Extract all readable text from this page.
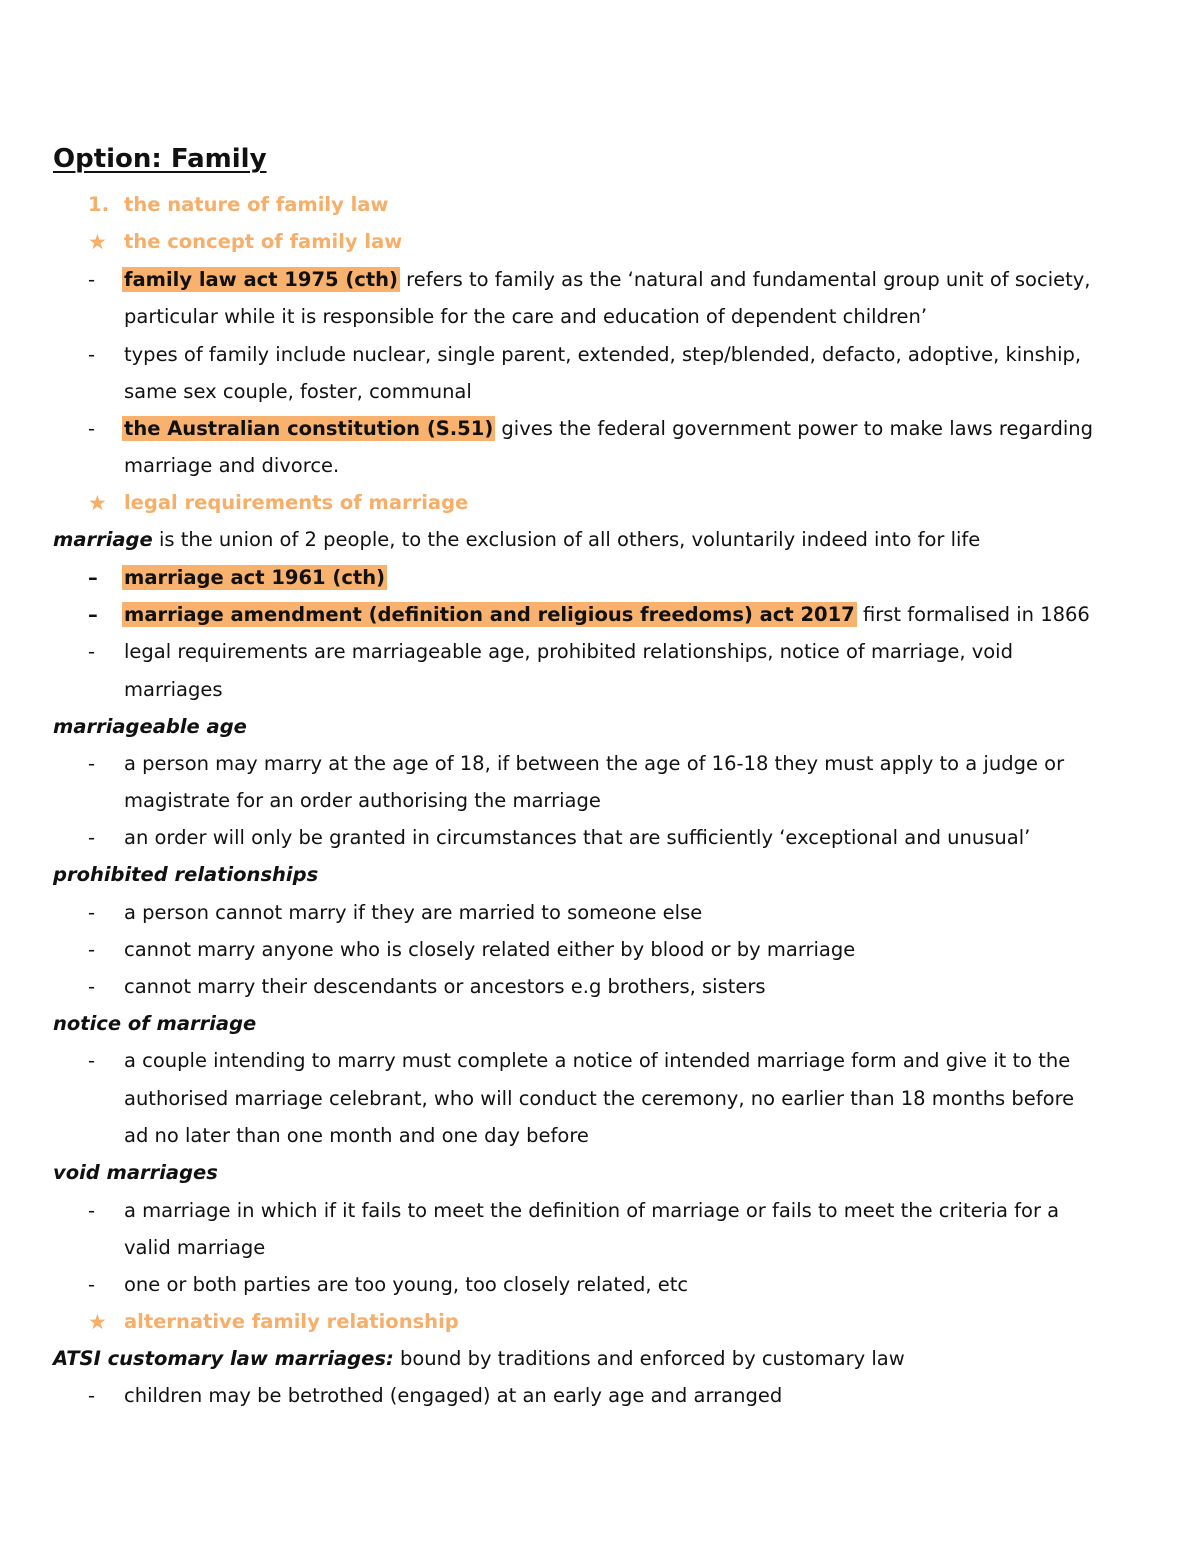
Option: Family
1. the nature of family law
★ the concept of family law
- family law act 1975 (cth) refers to family as the ‘natural and fundamental group unit of society,
particular while it is responsible for the care and education of dependent children’
- types of family include nuclear, single parent, extended, step/blended, defacto, adoptive, kinship,
same sex couple, foster, communal
- the Australian constitution (S.51) gives the federal government power to make laws regarding
marriage and divorce.
★ legal requirements of marriage
marriage is the union of 2 people, to the exclusion of all others, voluntarily indeed into for life
– marriage act 1961 (cth)
– marriage amendment (definition and religious freedoms) act 2017 first formalised in 1866
- legal requirements are marriageable age, prohibited relationships, notice of marriage, void
marriages
marriageable age
- a person may marry at the age of 18, if between the age of 16-18 they must apply to a judge or
magistrate for an order authorising the marriage
- an order will only be granted in circumstances that are sufficiently ‘exceptional and unusual’
prohibited relationships
- a person cannot marry if they are married to someone else
- cannot marry anyone who is closely related either by blood or by marriage
- cannot marry their descendants or ancestors e.g brothers, sisters
notice of marriage
- a couple intending to marry must complete a notice of intended marriage form and give it to the
authorised marriage celebrant, who will conduct the ceremony, no earlier than 18 months before
ad no later than one month and one day before
void marriages
- a marriage in which if it fails to meet the definition of marriage or fails to meet the criteria for a
valid marriage
- one or both parties are too young, too closely related, etc
★ alternative family relationship
ATSI customary law marriages: bound by traditions and enforced by customary law
- children may be betrothed (engaged) at an early age and arranged
